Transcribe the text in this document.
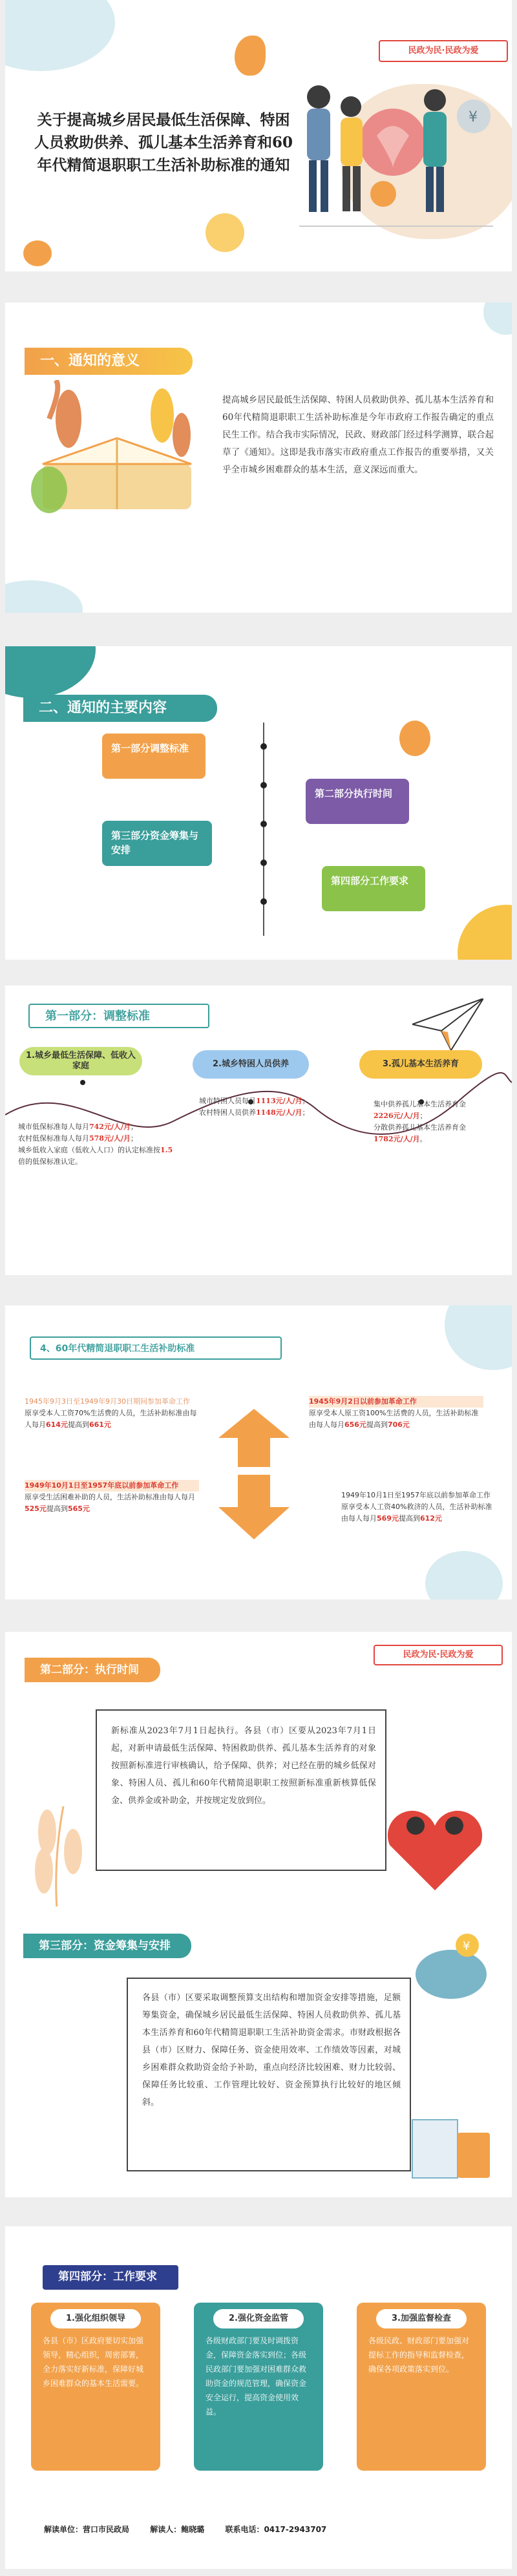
民政为民·民政为爱
¥
关于提高城乡居民最低生活保障、特困人员救助供养、孤儿基本生活养育和60年代精简退职职工生活补助标准的通知
一、通知的意义
提高城乡居民最低生活保障、特困人员救助供养、孤儿基本生活养育和60年代精简退职职工生活补助标准是今年市政府工作报告确定的重点民生工作。结合我市实际情况，民政、财政部门经过科学测算，联合起草了《通知》。这即是我市落实市政府重点工作报告的重要举措，又关乎全市城乡困难群众的基本生活，意义深远而重大。
二、通知的主要内容
第一部分调整标准
第三部分资金筹集与安排
第二部分执行时间
第四部分工作要求
第一部分：调整标准
1.城乡最低生活保障、低收入家庭	2.城乡特困人员供养	3.孤儿基本生活养育
城市低保标准每人每月742元/人/月；
农村低保标准每人每月578元/人/月；
城乡低收入家庭（低收入人口）的认定标准按1.5倍的低保标准认定。
城市特困人员每月1113元/人/月；
农村特困人员供养1148元/人/月；
集中供养孤儿基本生活养育金2226元/人/月；
分散供养孤儿基本生活养育金1782元/人/月。
4、60年代精简退职职工生活补助标准
1945年9月3日至1949年9月30日期间参加革命工作
原享受本人工资70%生活费的人员，生活补助标准由每人每月614元提高到661元
1949年10月1日至1957年底以前参加革命工作
原享受生活困难补助的人员，生活补助标准由每人每月525元提高到565元
1945年9月2日以前参加革命工作
原享受本人原工资100%生活费的人员，生活补助标准由每人每月656元提高到706元
1949年10月1日至1957年底以前参加革命工作
原享受本人工资40%救济的人员，生活补助标准由每人每月569元提高到612元
第二部分：执行时间
民政为民·民政为爱
新标准从2023年7月1日起执行。各县（市）区要从2023年7月1日起，对新申请最低生活保障、特困救助供养、孤儿基本生活养育的对象按照新标准进行审核确认，给予保障、供养；对已经在册的城乡低保对象、特困人员、孤儿和60年代精简退职职工按照新标准重新核算低保金、供养金或补助金，并按规定发放到位。
第三部分：资金筹集与安排	¥
各县（市）区要采取调整预算支出结构和增加资金安排等措施，足额筹集资金，确保城乡居民最低生活保障、特困人员救助供养、孤儿基本生活养育和60年代精简退职职工生活补助资金需求。市财政根据各县（市）区财力、保障任务、资金使用效率、工作绩效等因素，对城乡困难群众救助资金给予补助，重点向经济比较困难、财力比较弱、保障任务比较重、工作管理比较好、资金预算执行比较好的地区倾斜。
第四部分：工作要求
1.强化组织领导
各县（市）区政府要切实加强领导，精心组织，周密部署，全力落实好新标准，保障好城乡困难群众的基本生活需要。
2.强化资金监管
各级财政部门要及时调拨资金，保障资金落实到位；各级民政部门要加强对困难群众救助资金的规范管理，确保资金安全运行，提高资金使用效益。
3.加强监督检查
各级民政、财政部门要加强对提标工作的指导和监督检查，确保各项政策落实到位。
解读单位：营口市民政局	解读人：鲍晓璐	联系电话：0417-2943707
